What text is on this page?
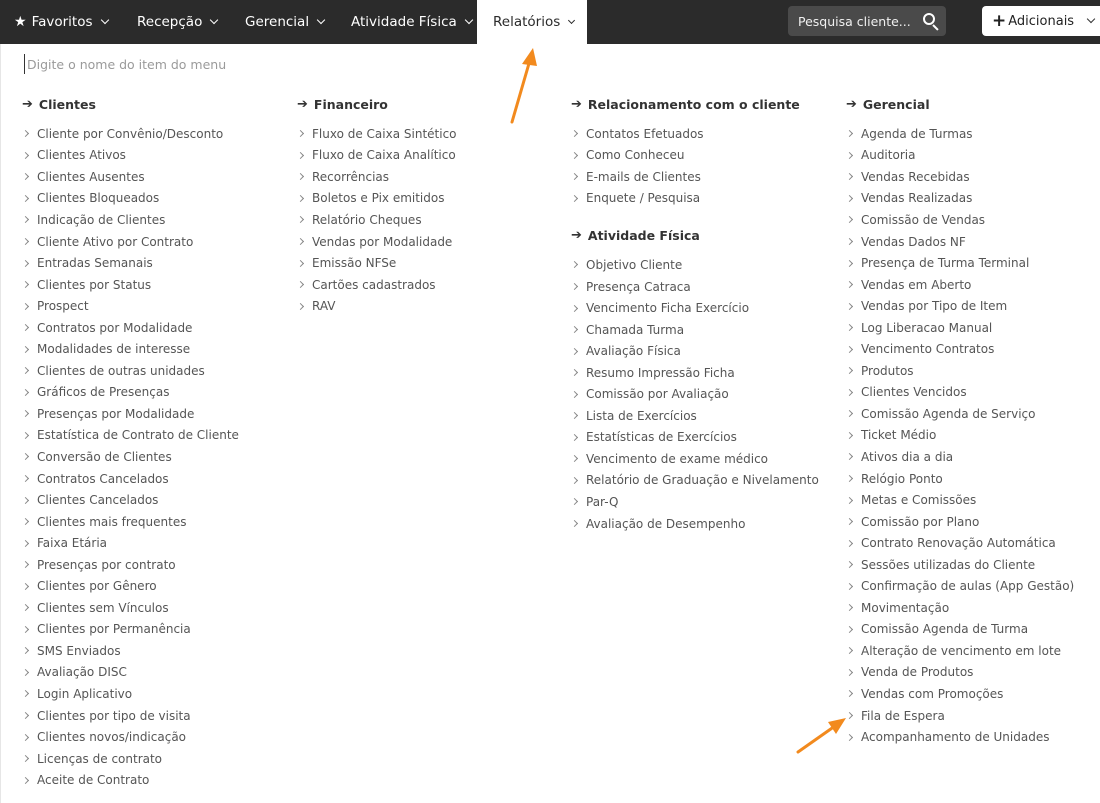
★ Favoritos	Recepção	Gerencial	Atividade Física	Relatórios	Pesquisa cliente...	+ Adicionais
Digite o nome do item do menu
➔ Clientes
Cliente por Convênio/Desconto
Clientes Ativos
Clientes Ausentes
Clientes Bloqueados
Indicação de Clientes
Cliente Ativo por Contrato
Entradas Semanais
Clientes por Status
Prospect
Contratos por Modalidade
Modalidades de interesse
Clientes de outras unidades
Gráficos de Presenças
Presenças por Modalidade
Estatística de Contrato de Cliente
Conversão de Clientes
Contratos Cancelados
Clientes Cancelados
Clientes mais frequentes
Faixa Etária
Presenças por contrato
Clientes por Gênero
Clientes sem Vínculos
Clientes por Permanência
SMS Enviados
Avaliação DISC
Login Aplicativo
Clientes por tipo de visita
Clientes novos/indicação
Licenças de contrato
Aceite de Contrato
➔ Financeiro
Fluxo de Caixa Sintético
Fluxo de Caixa Analítico
Recorrências
Boletos e Pix emitidos
Relatório Cheques
Vendas por Modalidade
Emissão NFSe
Cartões cadastrados
RAV
➔ Relacionamento com o cliente
Contatos Efetuados
Como Conheceu
E-mails de Clientes
Enquete / Pesquisa
➔ Atividade Física
Objetivo Cliente
Presença Catraca
Vencimento Ficha Exercício
Chamada Turma
Avaliação Física
Resumo Impressão Ficha
Comissão por Avaliação
Lista de Exercícios
Estatísticas de Exercícios
Vencimento de exame médico
Relatório de Graduação e Nivelamento
Par-Q
Avaliação de Desempenho
➔ Gerencial
Agenda de Turmas
Auditoria
Vendas Recebidas
Vendas Realizadas
Comissão de Vendas
Vendas Dados NF
Presença de Turma Terminal
Vendas em Aberto
Vendas por Tipo de Item
Log Liberacao Manual
Vencimento Contratos
Produtos
Clientes Vencidos
Comissão Agenda de Serviço
Ticket Médio
Ativos dia a dia
Relógio Ponto
Metas e Comissões
Comissão por Plano
Contrato Renovação Automática
Sessões utilizadas do Cliente
Confirmação de aulas (App Gestão)
Movimentação
Comissão Agenda de Turma
Alteração de vencimento em lote
Venda de Produtos
Vendas com Promoções
Fila de Espera
Acompanhamento de Unidades
